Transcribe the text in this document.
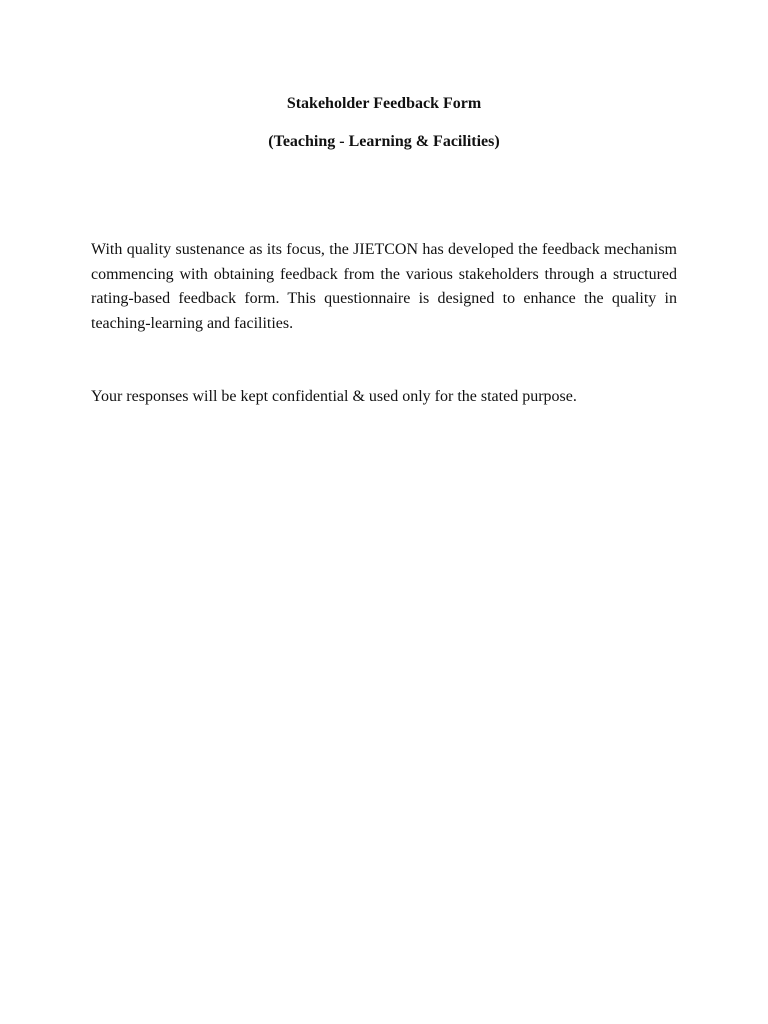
Stakeholder Feedback Form
(Teaching - Learning & Facilities)

With quality sustenance as its focus, the JIETCON has developed the feedback mechanism commencing with obtaining feedback from the various stakeholders through a structured rating-based feedback form. This questionnaire is designed to enhance the quality in teaching-learning and facilities.

Your responses will be kept confidential & used only for the stated purpose.
